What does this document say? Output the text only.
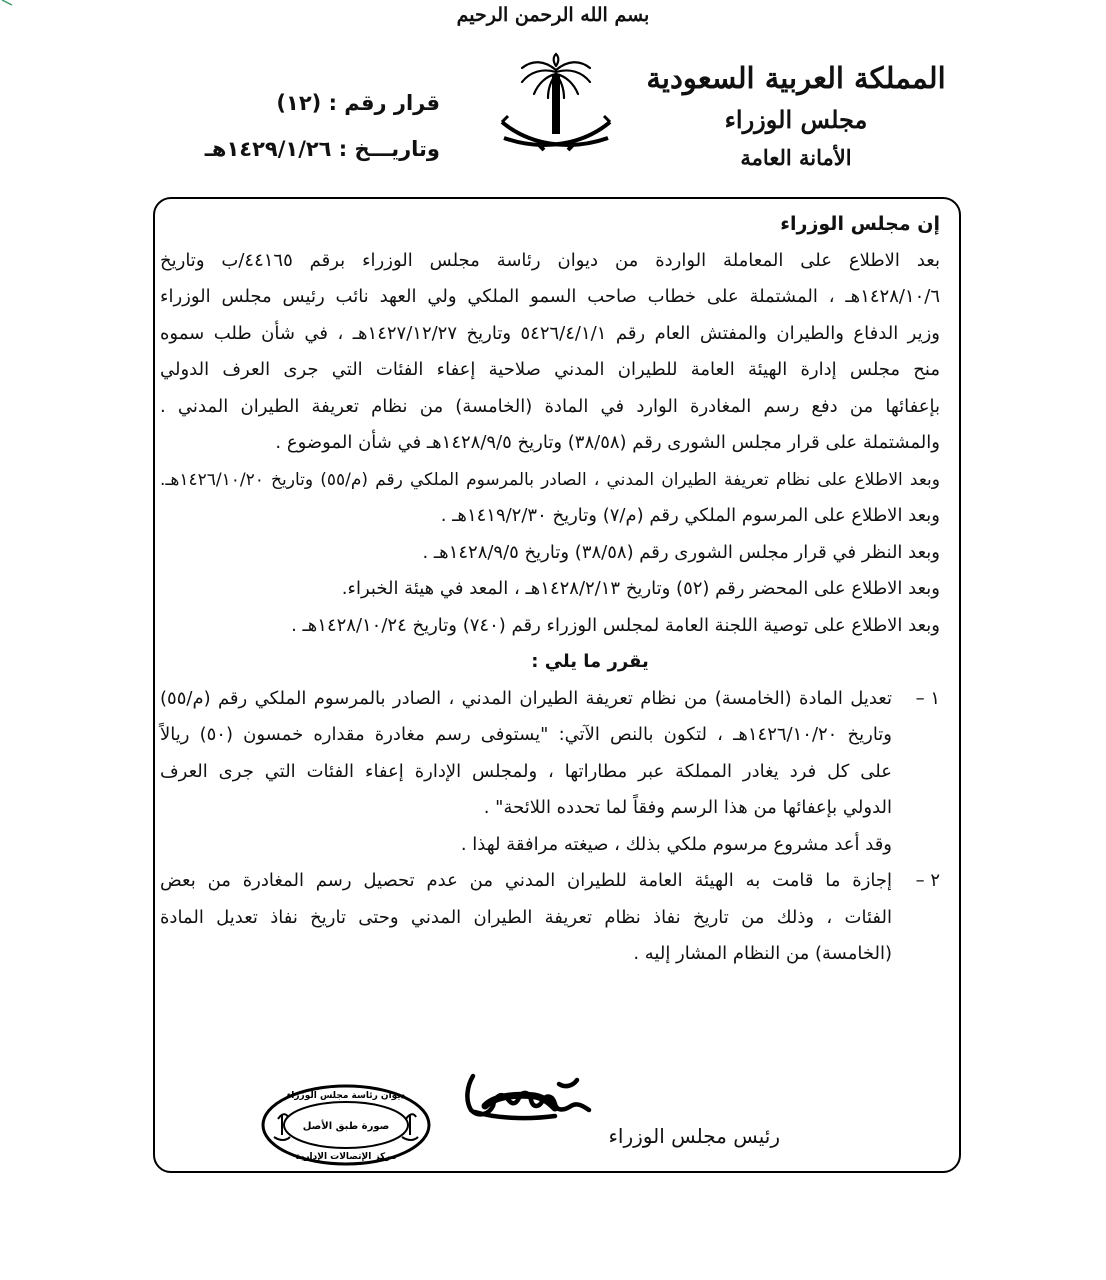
بسم الله الرحمن الرحيم
المملكة العربية السعودية
مجلس الوزراء
الأمانة العامة
قرار رقم : (١٢)
وتاريـــخ : ١٤٢٩/١/٢٦هـ

إن مجلس الوزراء

بعد الاطلاع على المعاملة الواردة من ديوان رئاسة مجلس الوزراء برقم ٤٤١٦٥/ب وتاريخ

١٤٢٨/١٠/٦هـ ، المشتملة على خطاب صاحب السمو الملكي ولي العهد نائب رئيس مجلس الوزراء

وزير الدفاع والطيران والمفتش العام رقم ٥٤٢٦/٤/١/١ وتاريخ ١٤٢٧/١٢/٢٧هـ ، في شأن طلب سموه

منح مجلس إدارة الهيئة العامة للطيران المدني صلاحية إعفاء الفئات التي جرى العرف الدولي

بإعفائها من دفع رسم المغادرة الوارد في المادة (الخامسة) من نظام تعريفة الطيران المدني .

والمشتملة على قرار مجلس الشورى رقم (٣٨/٥٨) وتاريخ ١٤٢٨/٩/٥هـ في شأن الموضوع .

وبعد الاطلاع على نظام تعريفة الطيران المدني ، الصادر بالمرسوم الملكي رقم (م/٥٥) وتاريخ ١٤٢٦/١٠/٢٠هـ.

وبعد الاطلاع على المرسوم الملكي رقم (م/٧) وتاريخ ١٤١٩/٢/٣٠هـ .

وبعد النظر في قرار مجلس الشورى رقم (٣٨/٥٨) وتاريخ ١٤٢٨/٩/٥هـ .

وبعد الاطلاع على المحضر رقم (٥٢) وتاريخ ١٤٢٨/٢/١٣هـ ، المعد في هيئة الخبراء.

وبعد الاطلاع على توصية اللجنة العامة لمجلس الوزراء رقم (٧٤٠) وتاريخ ١٤٢٨/١٠/٢٤هـ .

يقرر ما يلي :

١ –

تعديل المادة (الخامسة) من نظام تعريفة الطيران المدني ، الصادر بالمرسوم الملكي رقم (م/٥٥)

وتاريخ ١٤٢٦/١٠/٢٠هـ ، لتكون بالنص الآتي: "يستوفى رسم مغادرة مقداره خمسون (٥٠) ريالاً

على كل فرد يغادر المملكة عبر مطاراتها ، ولمجلس الإدارة إعفاء الفئات التي جرى العرف

الدولي بإعفائها من هذا الرسم وفقاً لما تحدده اللائحة" .

وقد أعد مشروع مرسوم ملكي بذلك ، صيغته مرافقة لهذا .

٢ –

إجازة ما قامت به الهيئة العامة للطيران المدني من عدم تحصيل رسم المغادرة من بعض

الفئات ، وذلك من تاريخ نفاذ نظام تعريفة الطيران المدني وحتى تاريخ نفاذ تعديل المادة

(الخامسة) من النظام المشار إليه .

رئيس مجلس الوزراء
ديوان رئاسة مجلس الوزراء
صورة طبق الأصل
مركز الإتصالات الإدارية
